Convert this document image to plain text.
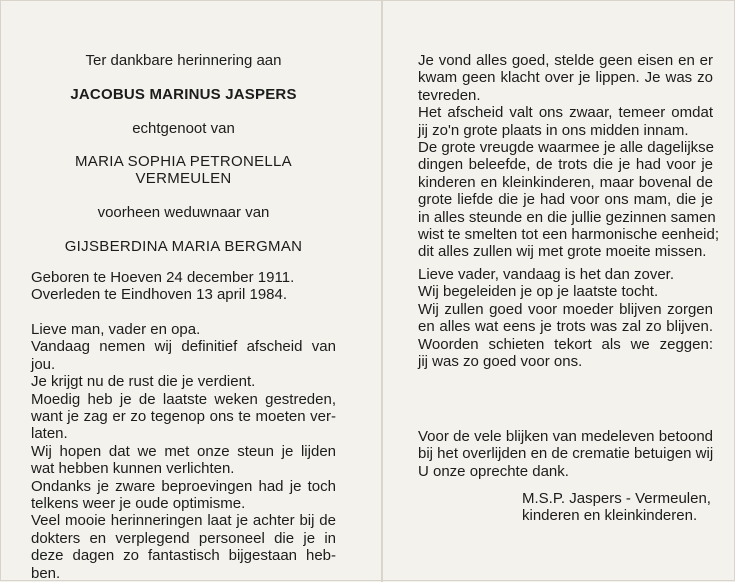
Ter dankbare herinnering aan
JACOBUS MARINUS JASPERS
echtgenoot van
MARIA SOPHIA PETRONELLA
VERMEULEN
voorheen weduwnaar van
GIJSBERDINA MARIA BERGMAN
Geboren te Hoeven 24 december 1911.
Overleden te Eindhoven 13 april 1984.
Lieve man, vader en opa.
Vandaag nemen wij definitief afscheid van
jou.
Je krijgt nu de rust die je verdient.
Moedig heb je de laatste weken gestreden,
want je zag er zo tegenop ons te moeten ver-
laten.
Wij hopen dat we met onze steun je lijden
wat hebben kunnen verlichten.
Ondanks je zware beproevingen had je toch
telkens weer je oude optimisme.
Veel mooie herinneringen laat je achter bij de
dokters en verplegend personeel die je in
deze dagen zo fantastisch bijgestaan heb-
ben.
Je vond alles goed, stelde geen eisen en er
kwam geen klacht over je lippen. Je was zo
tevreden.
Het afscheid valt ons zwaar, temeer omdat
jij zo'n grote plaats in ons midden innam.
De grote vreugde waarmee je alle dagelijkse
dingen beleefde, de trots die je had voor je
kinderen en kleinkinderen, maar bovenal de
grote liefde die je had voor ons mam, die je
in alles steunde en die jullie gezinnen samen
wist te smelten tot een harmonische eenheid;
dit alles zullen wij met grote moeite missen.
Lieve vader, vandaag is het dan zover.
Wij begeleiden je op je laatste tocht.
Wij zullen goed voor moeder blijven zorgen
en alles wat eens je trots was zal zo blijven.
Woorden schieten tekort als we zeggen:
jij was zo goed voor ons.
Voor de vele blijken van medeleven betoond
bij het overlijden en de crematie betuigen wij
U onze oprechte dank.
M.S.P. Jaspers - Vermeulen,
kinderen en kleinkinderen.
